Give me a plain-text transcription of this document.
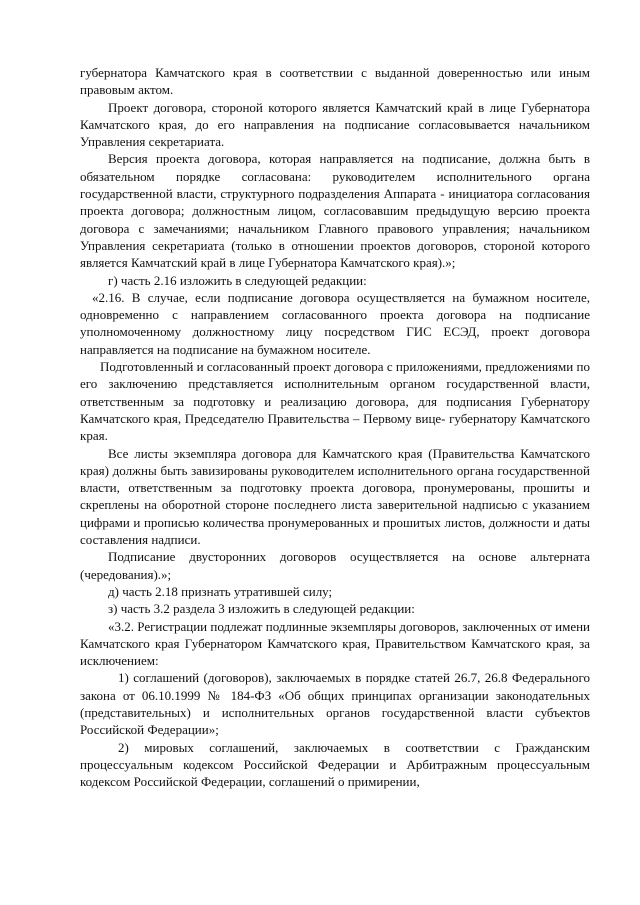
губернатора Камчатского края в соответствии с выданной доверенностью или иным правовым актом.

Проект договора, стороной которого является Камчатский край в лице Губернатора Камчатского края, до его направления на подписание согласовывается начальником Управления секретариата.

Версия проекта договора, которая направляется на подписание, должна быть в обязательном порядке согласована: руководителем исполнительного органа государственной власти, структурного подразделения Аппарата - инициатора согласования проекта договора; должностным лицом, согласовавшим предыдущую версию проекта договора с замечаниями; начальником Главного правового управления; начальником Управления секретариата (только в отношении проектов договоров, стороной которого является Камчатский край в лице Губернатора Камчатского края).»;

г) часть 2.16 изложить в следующей редакции:

«2.16. В случае, если подписание договора осуществляется на бумажном носителе, одновременно с направлением согласованного проекта договора на подписание уполномоченному должностному лицу посредством ГИС ЕСЭД, проект договора направляется на подписание на бумажном носителе.

Подготовленный и согласованный проект договора с приложениями, предложениями по его заключению представляется исполнительным органом государственной власти, ответственным за подготовку и реализацию договора, для подписания Губернатору Камчатского края, Председателю Правительства – Первому вице- губернатору Камчатского края.

Все листы экземпляра договора для Камчатского края (Правительства Камчатского края) должны быть завизированы руководителем исполнительного органа государственной власти, ответственным за подготовку проекта договора, пронумерованы, прошиты и скреплены на оборотной стороне последнего листа заверительной надписью с указанием цифрами и прописью количества пронумерованных и прошитых листов, должности и даты составления надписи.

Подписание двусторонних договоров осуществляется на основе альтерната (чередования).»;

д) часть 2.18 признать утратившей силу;

з) часть 3.2 раздела 3 изложить в следующей редакции:

«3.2. Регистрации подлежат подлинные экземпляры договоров, заключенных от имени Камчатского края Губернатором Камчатского края, Правительством Камчатского края, за исключением:

1) соглашений (договоров), заключаемых в порядке статей 26.7, 26.8 Федерального закона от 06.10.1999 № 184-ФЗ «Об общих принципах организации законодательных (представительных) и исполнительных органов государственной власти субъектов Российской Федерации»;

2) мировых соглашений, заключаемых в соответствии с Гражданским процессуальным кодексом Российской Федерации и Арбитражным процессуальным кодексом Российской Федерации, соглашений о примирении,
